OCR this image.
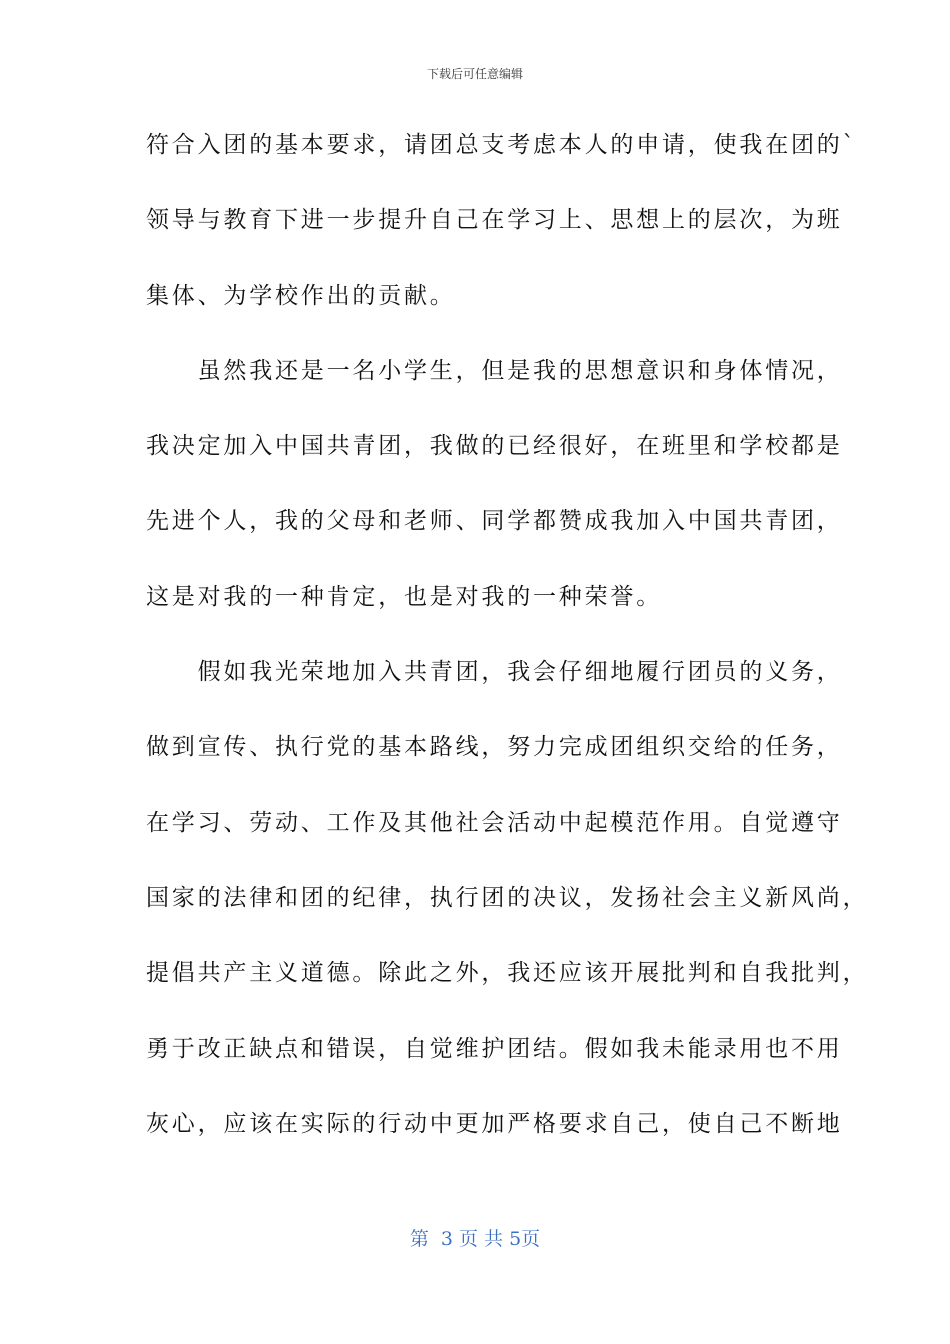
下载后可任意编辑
符合入团的基本要求，请团总支考虑本人的申请，使我在团的`
领导与教育下进一步提升自己在学习上、思想上的层次，为班
集体、为学校作出的贡献。
　　虽然我还是一名小学生，但是我的思想意识和身体情况，
我决定加入中国共青团，我做的已经很好，在班里和学校都是
先进个人，我的父母和老师、同学都赞成我加入中国共青团，
这是对我的一种肯定，也是对我的一种荣誉。
　　假如我光荣地加入共青团，我会仔细地履行团员的义务，
做到宣传、执行党的基本路线，努力完成团组织交给的任务，
在学习、劳动、工作及其他社会活动中起模范作用。自觉遵守
国家的法律和团的纪律，执行团的决议，发扬社会主义新风尚，
提倡共产主义道德。除此之外，我还应该开展批判和自我批判，
勇于改正缺点和错误，自觉维护团结。假如我未能录用也不用
灰心，应该在实际的行动中更加严格要求自己，使自己不断地
第  3 页 共 5页
